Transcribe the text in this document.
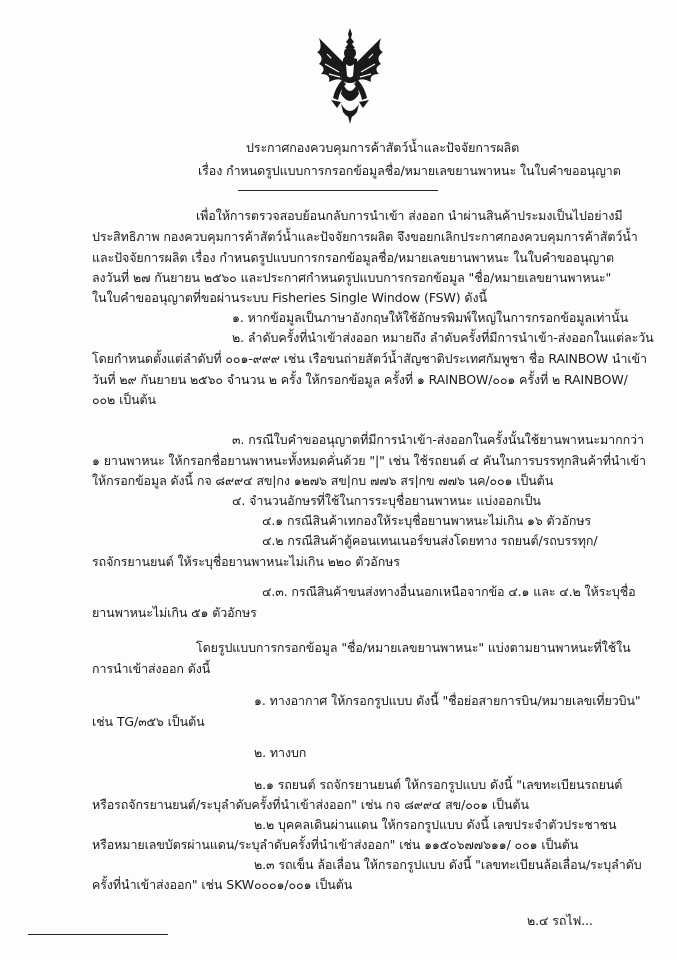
ประกาศกองควบคุมการค้าสัตว์น้ำและปัจจัยการผลิต
เรื่อง กำหนดรูปแบบการกรอกข้อมูลชื่อ/หมายเลขยานพาหนะ ในใบคำขออนุญาต
เพื่อให้การตรวจสอบย้อนกลับการนำเข้า ส่งออก นำผ่านสินค้าประมงเป็นไปอย่างมี
ประสิทธิภาพ กองควบคุมการค้าสัตว์น้ำและปัจจัยการผลิต จึงขอยกเลิกประกาศกองควบคุมการค้าสัตว์น้ำ
และปัจจัยการผลิต เรื่อง กำหนดรูปแบบการกรอกข้อมูลชื่อ/หมายเลขยานพาหนะ ในใบคำขออนุญาต
ลงวันที่ ๒๗ กันยายน ๒๕๖๐ และประกาศกำหนดรูปแบบการกรอกข้อมูล "ชื่อ/หมายเลขยานพาหนะ"
ในใบคำขออนุญาตที่ขอผ่านระบบ Fisheries Single Window (FSW) ดังนี้
๑. หากข้อมูลเป็นภาษาอังกฤษให้ใช้อักษรพิมพ์ใหญ่ในการกรอกข้อมูลเท่านั้น
๒. ลำดับครั้งที่นำเข้าส่งออก หมายถึง ลำดับครั้งที่มีการนำเข้า-ส่งออกในแต่ละวัน
โดยกำหนดตั้งแต่ลำดับที่ ๐๐๑-๙๙๙ เช่น เรือขนถ่ายสัตว์น้ำสัญชาติประเทศกัมพูชา ชื่อ RAINBOW นำเข้า
วันที่ ๒๙ กันยายน ๒๕๖๐ จำนวน ๒ ครั้ง ให้กรอกข้อมูล ครั้งที่ ๑ RAINBOW/๐๐๑ ครั้งที่ ๒ RAINBOW/
๐๐๒ เป็นต้น
๓. กรณีใบคำขออนุญาตที่มีการนำเข้า-ส่งออกในครั้งนั้นใช้ยานพาหนะมากกว่า
๑ ยานพาหนะ ให้กรอกชื่อยานพาหนะทั้งหมดคั่นด้วย "|" เช่น ใช้รถยนต์ ๔ คันในการบรรทุกสินค้าที่นำเข้า
ให้กรอกข้อมูล ดังนี้ กจ ๘๙๙๔ สข|กง ๑๒๗๖ สข|กบ ๗๗๖ สร|กข ๗๗๖ นค/๐๐๑ เป็นต้น
๔. จำนวนอักษรที่ใช้ในการระบุชื่อยานพาหนะ แบ่งออกเป็น
๔.๑ กรณีสินค้าเทกองให้ระบุชื่อยานพาหนะไม่เกิน ๑๖ ตัวอักษร
๔.๒ กรณีสินค้าตู้คอนเทนเนอร์ขนส่งโดยทาง รถยนต์/รถบรรทุก/
รถจักรยานยนต์ ให้ระบุชื่อยานพาหนะไม่เกิน ๒๒๐ ตัวอักษร
๔.๓. กรณีสินค้าขนส่งทางอื่นนอกเหนือจากข้อ ๔.๑ และ ๔.๒ ให้ระบุชื่อ
ยานพาหนะไม่เกิน ๕๑ ตัวอักษร
โดยรูปแบบการกรอกข้อมูล "ชื่อ/หมายเลขยานพาหนะ" แบ่งตามยานพาหนะที่ใช้ใน
การนำเข้าส่งออก ดังนี้
๑. ทางอากาศ ให้กรอกรูปแบบ ดังนี้ "ชื่อย่อสายการบิน/หมายเลขเที่ยวบิน"
เช่น TG/๓๕๖ เป็นต้น
๒. ทางบก
๒.๑ รถยนต์ รถจักรยานยนต์ ให้กรอกรูปแบบ ดังนี้ "เลขทะเบียนรถยนต์
หรือรถจักรยานยนต์/ระบุลำดับครั้งที่นำเข้าส่งออก" เช่น กจ ๘๙๙๔ สข/๐๐๑ เป็นต้น
๒.๒ บุคคลเดินผ่านแดน ให้กรอกรูปแบบ ดังนี้ เลขประจำตัวประชาชน
หรือหมายเลขบัตรผ่านแดน/ระบุลำดับครั้งที่นำเข้าส่งออก" เช่น ๑๑๕๐๖๗๗๖๑๑/ ๐๐๑ เป็นต้น
๒.๓ รถเข็น ล้อเลื่อน ให้กรอกรูปแบบ ดังนี้ "เลขทะเบียนล้อเลื่อน/ระบุลำดับ
ครั้งที่นำเข้าส่งออก" เช่น SKW๐๐๐๑/๐๐๑ เป็นต้น
๒.๔ รถไฟ...
